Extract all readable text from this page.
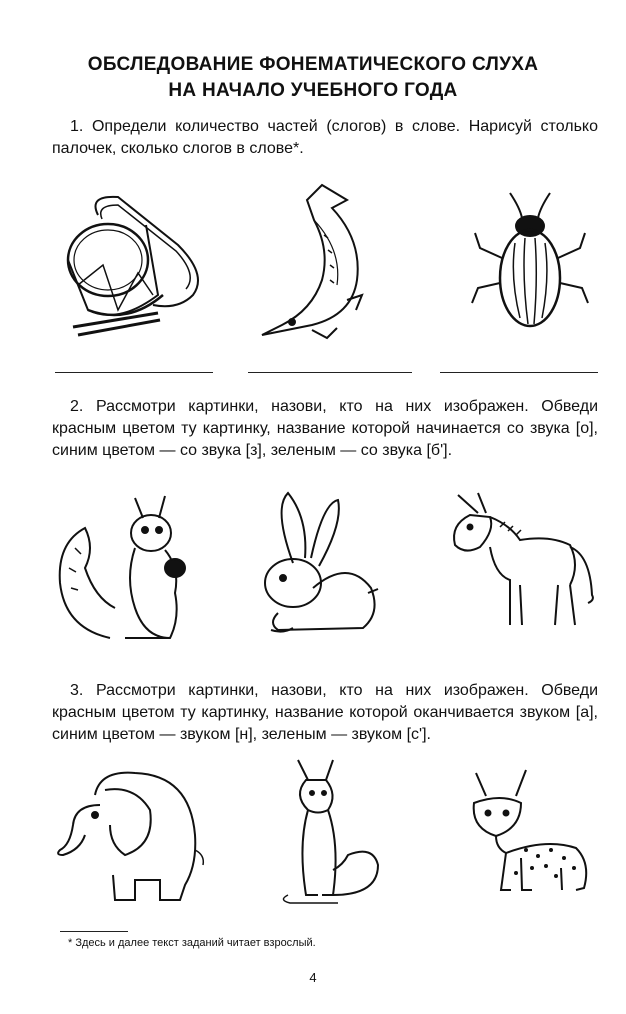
ОБСЛЕДОВАНИЕ ФОНЕМАТИЧЕСКОГО СЛУХА
НА НАЧАЛО УЧЕБНОГО ГОДА
1. Определи количество частей (слогов) в слове. Нарисуй столько палочек, сколько слогов в слове*.
2. Рассмотри картинки, назови, кто на них изображен. Обведи красным цветом ту картинку, название которой начинается со звука [о], синим цветом — со звука [з], зеленым — со звука [б'].
3. Рассмотри картинки, назови, кто на них изображен. Обведи красным цветом ту картинку, название которой оканчивается звуком [а], синим цветом — звуком [н], зеленым — звуком [с'].
* Здесь и далее текст заданий читает взрослый.
4
